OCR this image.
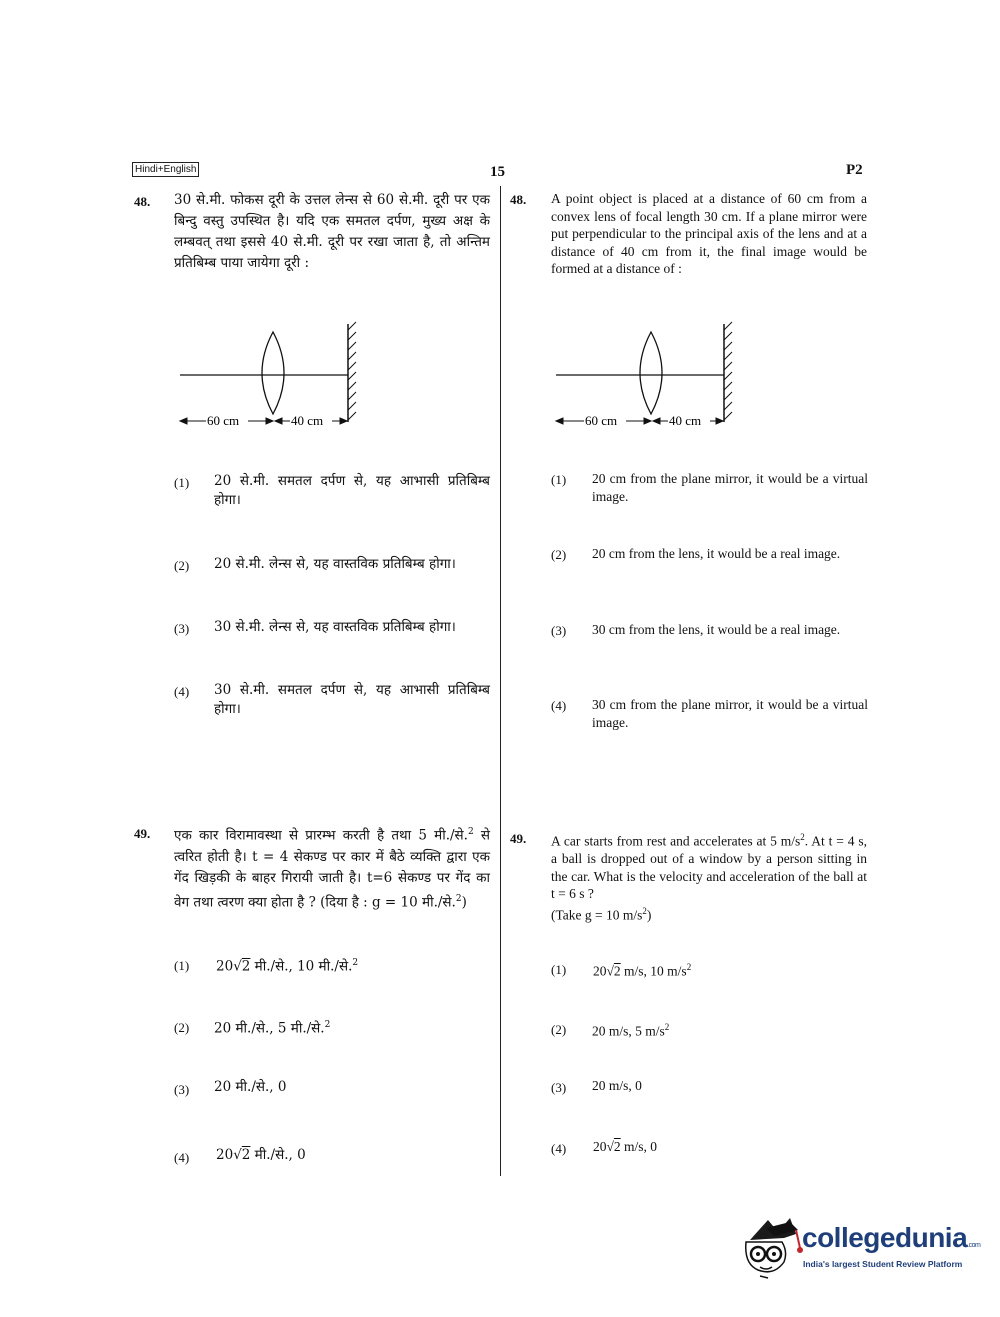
Hindi+English	15	P2
48. 30 से.मी. फोकस दूरी के उत्तल लेन्स से 60 से.मी. दूरी पर एक बिन्दु वस्तु उपस्थित है। यदि एक समतल दर्पण, मुख्य अक्ष के लम्बवत् तथा इससे 40 से.मी. दूरी पर रखा जाता है, तो अन्तिम प्रतिबिम्ब पाया जायेगा दूरी :
60 cm	40 cm
(1) 20 से.मी. समतल दर्पण से, यह आभासी प्रतिबिम्ब होगा।
(2) 20 से.मी. लेन्स से, यह वास्तविक प्रतिबिम्ब होगा।
(3) 30 से.मी. लेन्स से, यह वास्तविक प्रतिबिम्ब होगा।
(4) 30 से.मी. समतल दर्पण से, यह आभासी प्रतिबिम्ब होगा।
48. A point object is placed at a distance of 60 cm from a convex lens of focal length 30 cm. If a plane mirror were put perpendicular to the principal axis of the lens and at a distance of 40 cm from it, the final image would be formed at a distance of :
60 cm	40 cm
(1) 20 cm from the plane mirror, it would be a virtual image.
(2) 20 cm from the lens, it would be a real image.
(3) 30 cm from the lens, it would be a real image.
(4) 30 cm from the plane mirror, it would be a virtual image.
49. एक कार विरामावस्था से प्रारम्भ करती है तथा 5 मी./से.$^2$ से त्वरित होती है। t = 4 सेकण्ड पर कार में बैठे व्यक्ति द्वारा एक गेंद खिड़की के बाहर गिरायी जाती है। t=6 सेकण्ड पर गेंद का वेग तथा त्वरण क्या होता है ? (दिया है : g = 10 मी./से.$^2$)
(1) 20√2 मी./से., 10 मी./से.$^2$
(2) 20 मी./से., 5 मी./से.$^2$
(3) 20 मी./से., 0
(4) 20√2 मी./से., 0
49. A car starts from rest and accelerates at 5 $m/s^2$. At t = 4 s, a ball is dropped out of a window by a person sitting in the car. What is the velocity and acceleration of the ball at t = 6 s ?
(Take g = 10 $m/s^2$)
(1) 20√2 m/s, 10 $m/s^2$
(2) 20 m/s, 5 $m/s^2$
(3) 20 m/s, 0
(4) 20√2 m/s, 0
collegedunia.com
India's largest Student Review Platform
